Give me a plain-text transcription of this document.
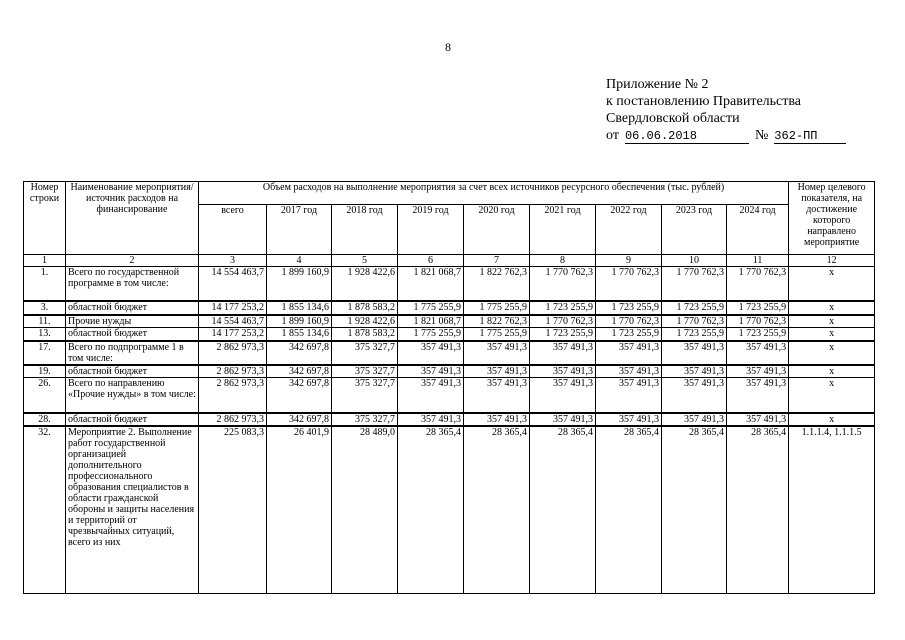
8
Приложение № 2
к постановлению Правительства
Свердловской области
от 06.06.2018	№ 362-ПП
Номер строки	Наименование мероприятия/источник расходов на финансирование	Объем расходов на выполнение мероприятия за счет всех источников ресурсного обеспечения (тыс. рублей)									Номер целевого показателя, на достижение которого направлено мероприятие
		всего	2017 год	2018 год	2019 год	2020 год	2021 год	2022 год	2023 год	2024 год	
1	2	3	4	5	6	7	8	9	10	11	12
1.	Всего по государственной программе в том числе:	14 554 463,7	1 899 160,9	1 928 422,6	1 821 068,7	1 822 762,3	1 770 762,3	1 770 762,3	1 770 762,3	1 770 762,3	х
3.	областной бюджет	14 177 253,2	1 855 134,6	1 878 583,2	1 775 255,9	1 775 255,9	1 723 255,9	1 723 255,9	1 723 255,9	1 723 255,9	х
11.	Прочие нужды	14 554 463,7	1 899 160,9	1 928 422,6	1 821 068,7	1 822 762,3	1 770 762,3	1 770 762,3	1 770 762,3	1 770 762,3	х
13.	областной бюджет	14 177 253,2	1 855 134,6	1 878 583,2	1 775 255,9	1 775 255,9	1 723 255,9	1 723 255,9	1 723 255,9	1 723 255,9	х
17.	Всего по подпрограмме 1 в том числе:	2 862 973,3	342 697,8	375 327,7	357 491,3	357 491,3	357 491,3	357 491,3	357 491,3	357 491,3	х
19.	областной бюджет	2 862 973,3	342 697,8	375 327,7	357 491,3	357 491,3	357 491,3	357 491,3	357 491,3	357 491,3	х
26.	Всего по направлению «Прочие нужды» в том числе:	2 862 973,3	342 697,8	375 327,7	357 491,3	357 491,3	357 491,3	357 491,3	357 491,3	357 491,3	х
28.	областной бюджет	2 862 973,3	342 697,8	375 327,7	357 491,3	357 491,3	357 491,3	357 491,3	357 491,3	357 491,3	х
32.	Мероприятие 2. Выполнение работ государственной организацией дополнительного профессионального образования специалистов в области гражданской обороны и защиты населения и территорий от чрезвычайных ситуаций, всего из них	225 083,3	26 401,9	28 489,0	28 365,4	28 365,4	28 365,4	28 365,4	28 365,4	28 365,4	1.1.1.4, 1.1.1.5
